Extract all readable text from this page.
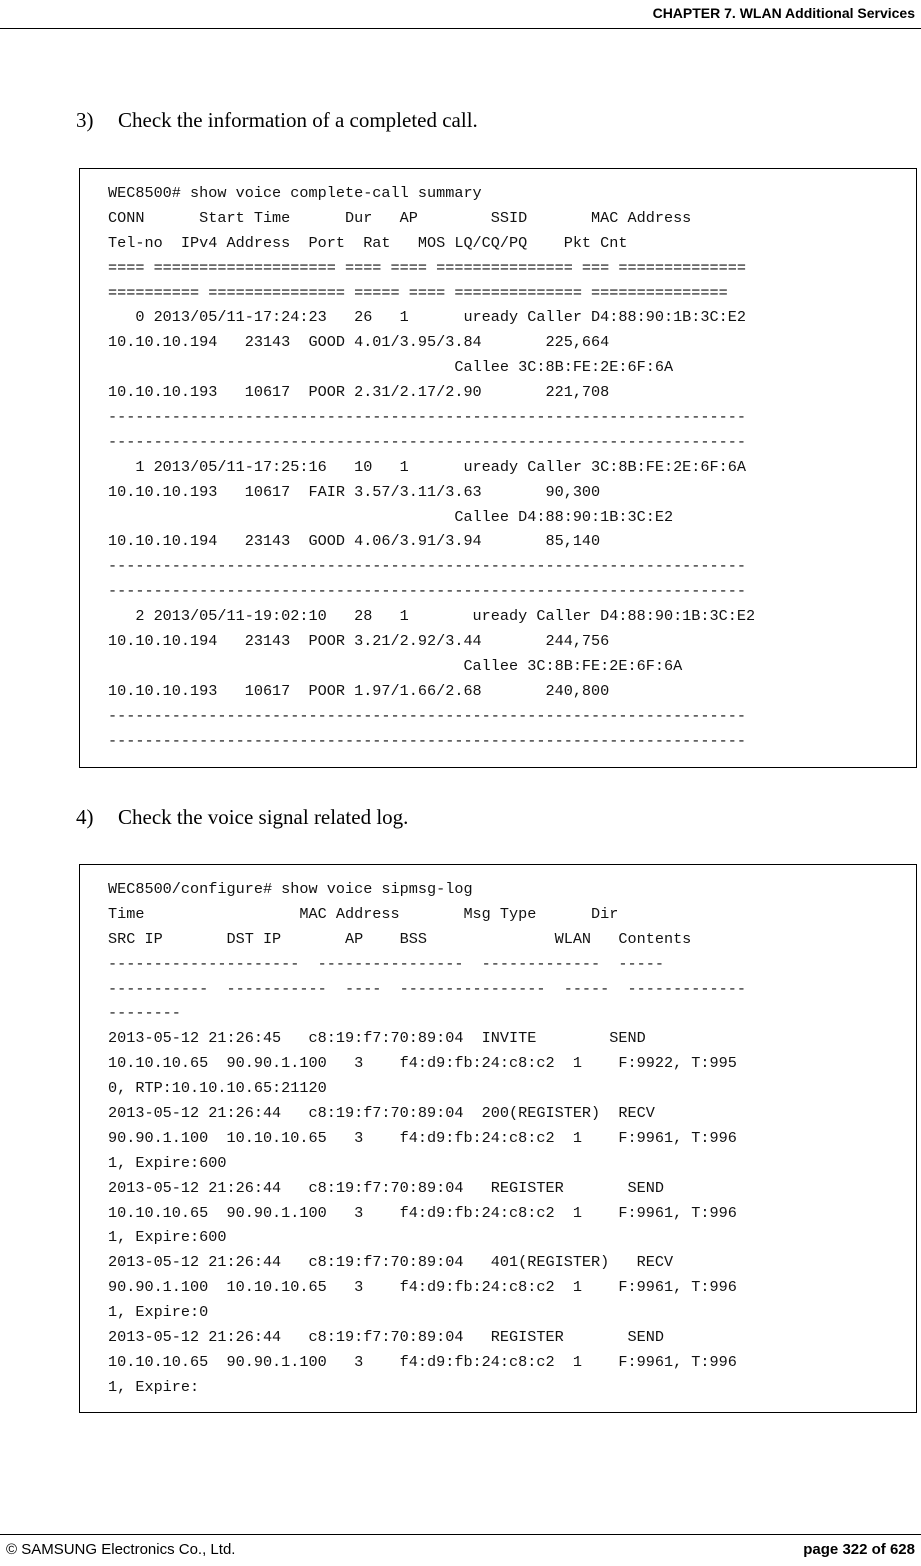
CHAPTER 7. WLAN Additional Services
3) Check the information of a completed call.
WEC8500# show voice complete-call summary
CONN      Start Time      Dur   AP        SSID       MAC Address
Tel-no  IPv4 Address  Port  Rat   MOS LQ/CQ/PQ    Pkt Cnt
==== ==================== ==== ==== =============== === ==============
========== =============== ===== ==== ============== ===============
0 2013/05/11-17:24:23   26   1      uready Caller D4:88:90:1B:3C:E2
10.10.10.194   23143  GOOD 4.01/3.95/3.84       225,664
Callee 3C:8B:FE:2E:6F:6A
10.10.10.193   10617  POOR 2.31/2.17/2.90       221,708
----------------------------------------------------------------------
----------------------------------------------------------------------
1 2013/05/11-17:25:16   10   1      uready Caller 3C:8B:FE:2E:6F:6A
10.10.10.193   10617  FAIR 3.57/3.11/3.63       90,300
Callee D4:88:90:1B:3C:E2
10.10.10.194   23143  GOOD 4.06/3.91/3.94       85,140
----------------------------------------------------------------------
----------------------------------------------------------------------
2 2013/05/11-19:02:10   28   1       uready Caller D4:88:90:1B:3C:E2
10.10.10.194   23143  POOR 3.21/2.92/3.44       244,756
Callee 3C:8B:FE:2E:6F:6A
10.10.10.193   10617  POOR 1.97/1.66/2.68       240,800
----------------------------------------------------------------------
----------------------------------------------------------------------
4) Check the voice signal related log.
WEC8500/configure# show voice sipmsg-log
Time                 MAC Address       Msg Type      Dir
SRC IP       DST IP       AP    BSS              WLAN   Contents
---------------------  ----------------  -------------  -----
-----------  -----------  ----  ----------------  -----  -------------
--------
2013-05-12 21:26:45   c8:19:f7:70:89:04  INVITE        SEND
10.10.10.65  90.90.1.100   3    f4:d9:fb:24:c8:c2  1    F:9922, T:995
0, RTP:10.10.10.65:21120
2013-05-12 21:26:44   c8:19:f7:70:89:04  200(REGISTER)  RECV
90.90.1.100  10.10.10.65   3    f4:d9:fb:24:c8:c2  1    F:9961, T:996
1, Expire:600
2013-05-12 21:26:44   c8:19:f7:70:89:04   REGISTER       SEND
10.10.10.65  90.90.1.100   3    f4:d9:fb:24:c8:c2  1    F:9961, T:996
1, Expire:600
2013-05-12 21:26:44   c8:19:f7:70:89:04   401(REGISTER)   RECV
90.90.1.100  10.10.10.65   3    f4:d9:fb:24:c8:c2  1    F:9961, T:996
1, Expire:0
2013-05-12 21:26:44   c8:19:f7:70:89:04   REGISTER       SEND
10.10.10.65  90.90.1.100   3    f4:d9:fb:24:c8:c2  1    F:9961, T:996
1, Expire:
© SAMSUNG Electronics Co., Ltd.	page 322 of 628
